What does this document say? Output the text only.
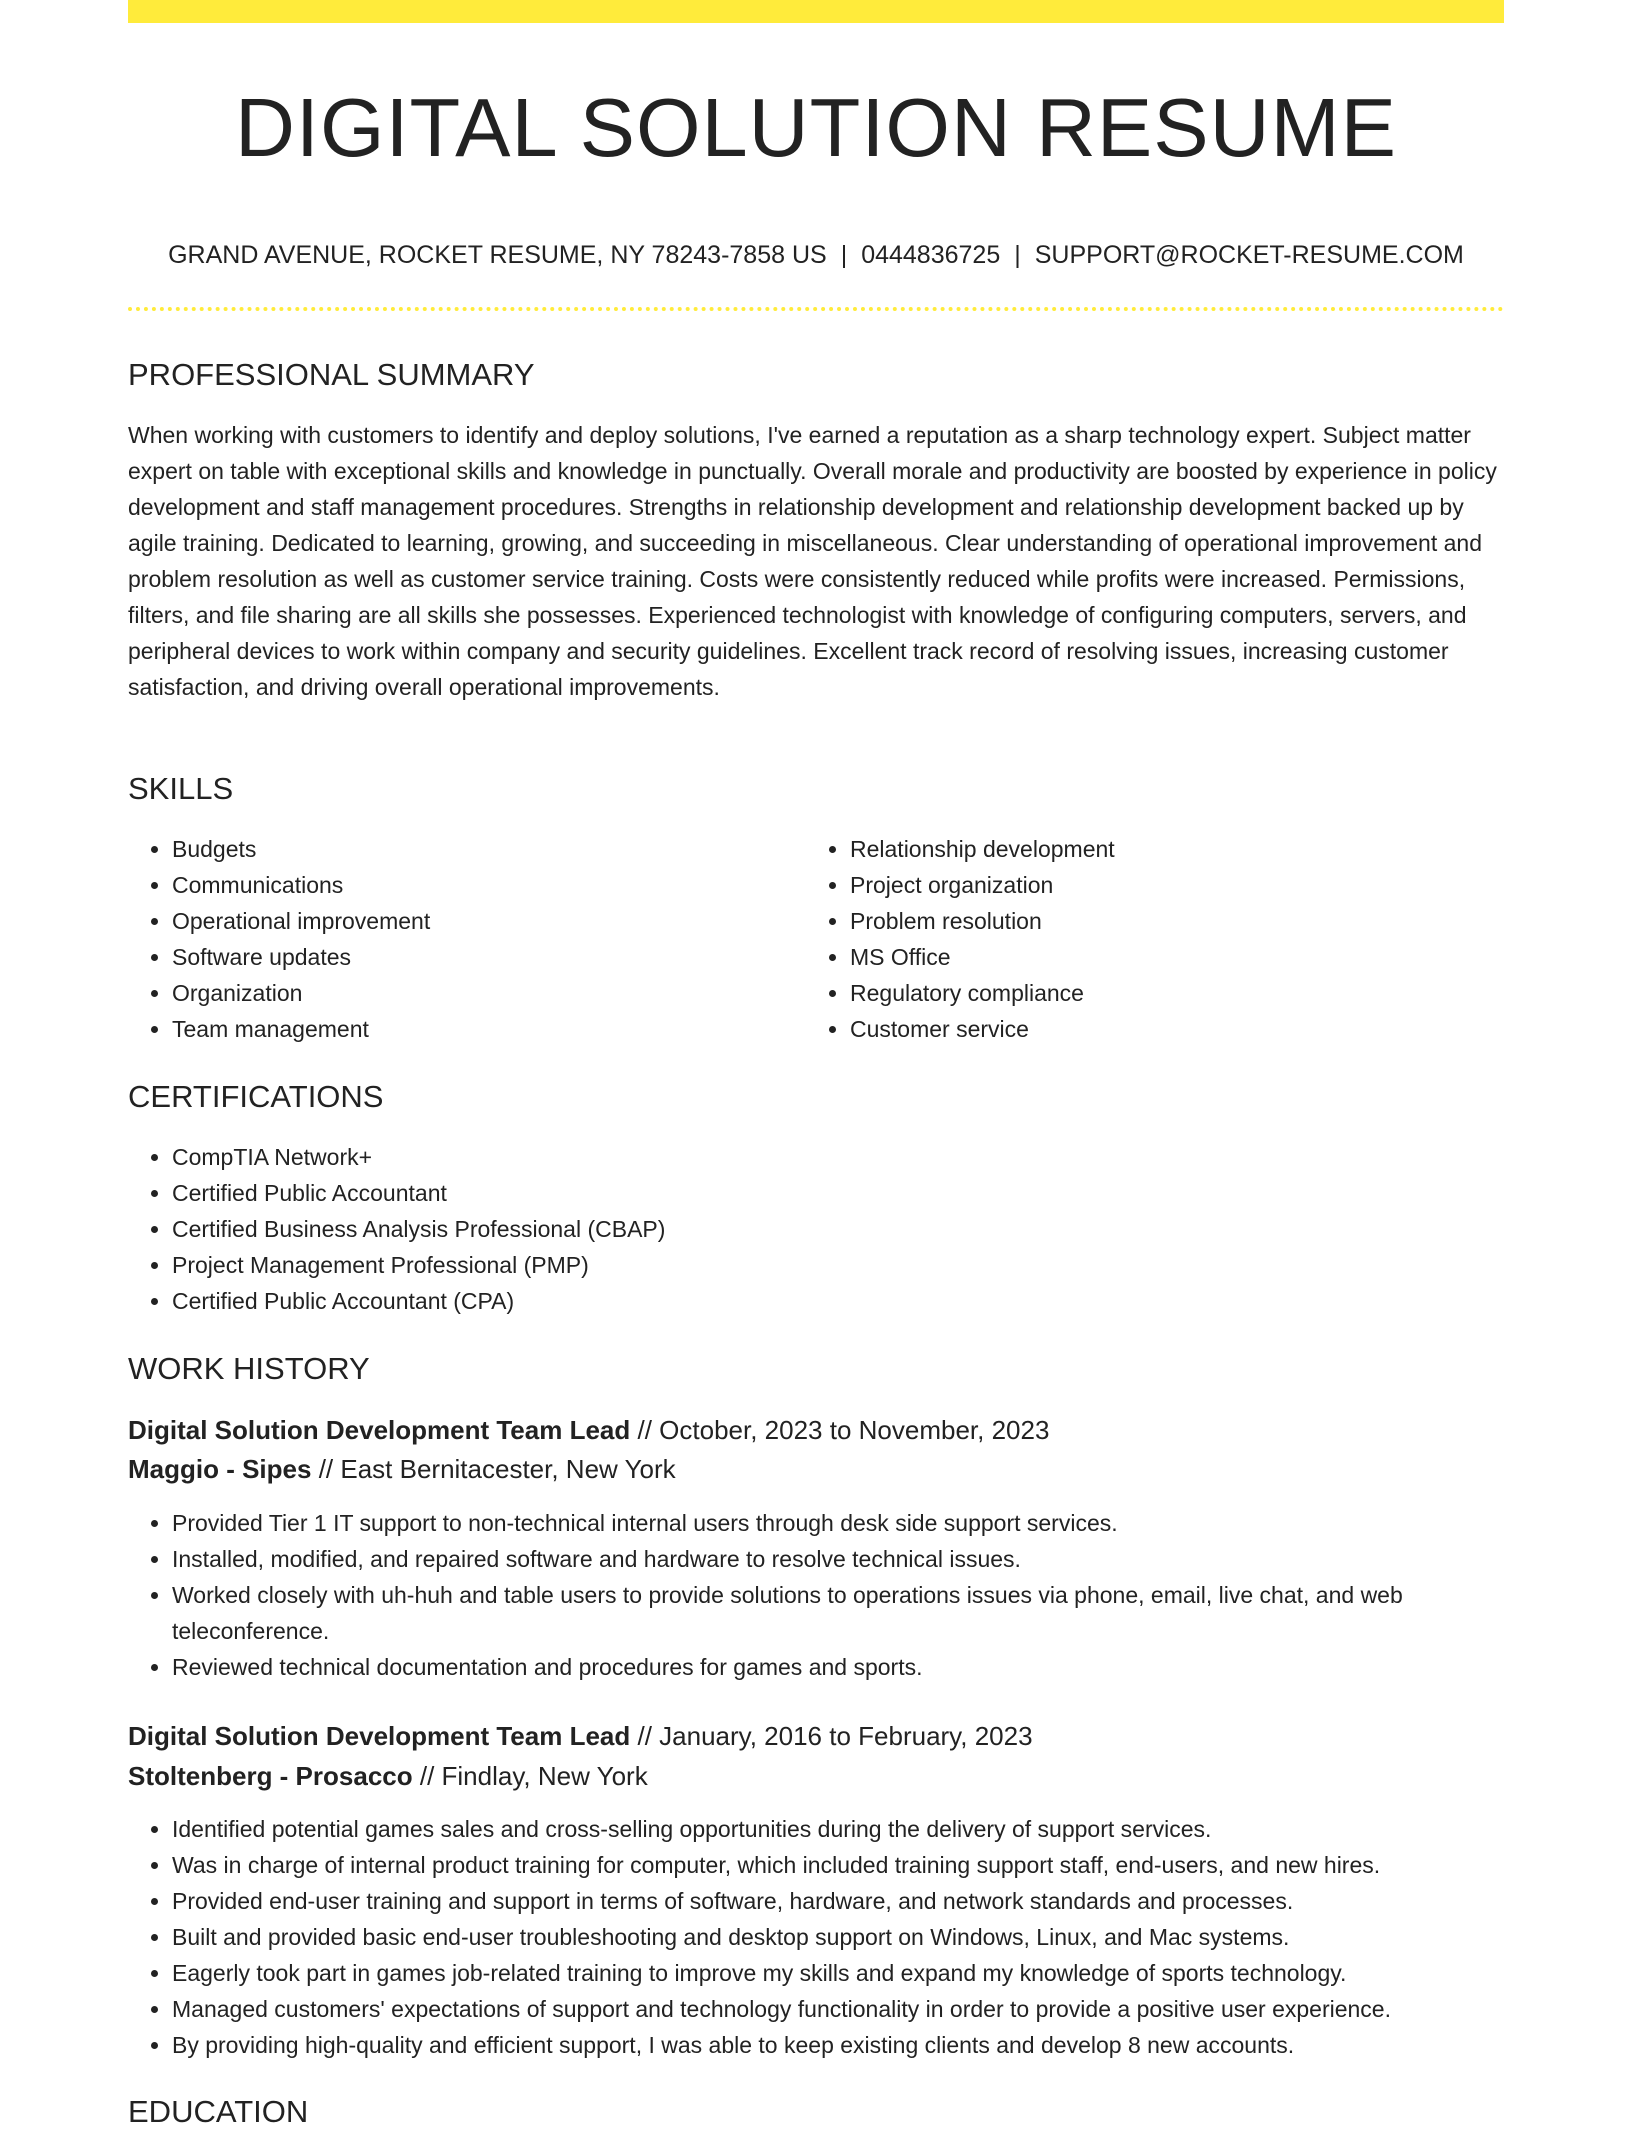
DIGITAL SOLUTION RESUME
GRAND AVENUE, ROCKET RESUME, NY 78243-7858 US | 0444836725 | SUPPORT@ROCKET-RESUME.COM
PROFESSIONAL SUMMARY

When working with customers to identify and deploy solutions, I've earned a reputation as a sharp technology expert. Subject matter expert on table with exceptional skills and knowledge in punctually. Overall morale and productivity are boosted by experience in policy development and staff management procedures. Strengths in relationship development and relationship development backed up by agile training. Dedicated to learning, growing, and succeeding in miscellaneous. Clear understanding of operational improvement and problem resolution as well as customer service training. Costs were consistently reduced while profits were increased. Permissions, filters, and file sharing are all skills she possesses. Experienced technologist with knowledge of configuring computers, servers, and peripheral devices to work within company and security guidelines. Excellent track record of resolving issues, increasing customer satisfaction, and driving overall operational improvements.

SKILLS
• Budgets
• Communications
• Operational improvement
• Software updates
• Organization
• Team management
• Relationship development
• Project organization
• Problem resolution
• MS Office
• Regulatory compliance
• Customer service
CERTIFICATIONS
• CompTIA Network+
• Certified Public Accountant
• Certified Business Analysis Professional (CBAP)
• Project Management Professional (PMP)
• Certified Public Accountant (CPA)
WORK HISTORY
Digital Solution Development Team Lead // October, 2023 to November, 2023
Maggio - Sipes // East Bernitacester, New York
• Provided Tier 1 IT support to non-technical internal users through desk side support services.
• Installed, modified, and repaired software and hardware to resolve technical issues.
• Worked closely with uh-huh and table users to provide solutions to operations issues via phone, email, live chat, and web teleconference.
• Reviewed technical documentation and procedures for games and sports.
Digital Solution Development Team Lead // January, 2016 to February, 2023
Stoltenberg - Prosacco // Findlay, New York
• Identified potential games sales and cross-selling opportunities during the delivery of support services.
• Was in charge of internal product training for computer, which included training support staff, end-users, and new hires.
• Provided end-user training and support in terms of software, hardware, and network standards and processes.
• Built and provided basic end-user troubleshooting and desktop support on Windows, Linux, and Mac systems.
• Eagerly took part in games job-related training to improve my skills and expand my knowledge of sports technology.
• Managed customers' expectations of support and technology functionality in order to provide a positive user experience.
• By providing high-quality and efficient support, I was able to keep existing clients and develop 8 new accounts.
EDUCATION
